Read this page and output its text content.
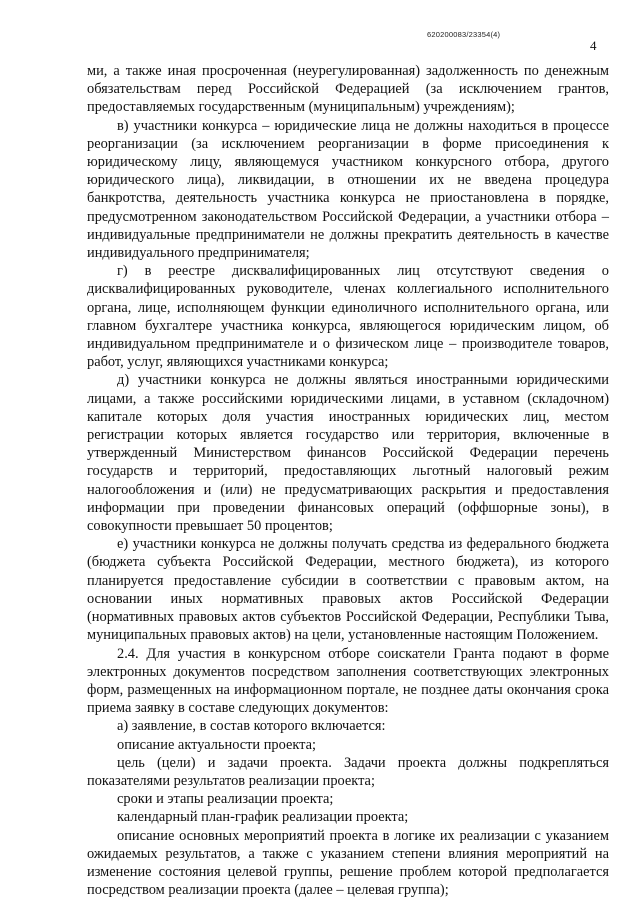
620200083/23354(4)
4

ми, а также иная просроченная (неурегулированная) задолженность по денежным обязательствам перед Российской Федерацией (за исключением грантов, предоставляемых государственным (муниципальным) учреждениям);

в) участники конкурса – юридические лица не должны находиться в процессе реорганизации (за исключением реорганизации в форме присоединения к юридическому лицу, являющемуся участником конкурсного отбора, другого юридического лица), ликвидации, в отношении их не введена процедура банкротства, деятельность участника конкурса не приостановлена в порядке, предусмотренном законодательством Российской Федерации, а участники отбора – индивидуальные предприниматели не должны прекратить деятельность в качестве индивидуального предпринимателя;

г) в реестре дисквалифицированных лиц отсутствуют сведения о дисквалифицированных руководителе, членах коллегиального исполнительного органа, лице, исполняющем функции единоличного исполнительного органа, или главном бухгалтере участника конкурса, являющегося юридическим лицом, об индивидуальном предпринимателе и о физическом лице – производителе товаров, работ, услуг, являющихся участниками конкурса;

д) участники конкурса не должны являться иностранными юридическими лицами, а также российскими юридическими лицами, в уставном (складочном) капитале которых доля участия иностранных юридических лиц, местом регистрации которых является государство или территория, включенные в утвержденный Министерством финансов Российской Федерации перечень государств и территорий, предоставляющих льготный налоговый режим налогообложения и (или) не предусматривающих раскрытия и предоставления информации при проведении финансовых операций (оффшорные зоны), в совокупности превышает 50 процентов;

е) участники конкурса не должны получать средства из федерального бюджета (бюджета субъекта Российской Федерации, местного бюджета), из которого планируется предоставление субсидии в соответствии с правовым актом, на основании иных нормативных правовых актов Российской Федерации (нормативных правовых актов субъектов Российской Федерации, Республики Тыва, муниципальных правовых актов) на цели, установленные настоящим Положением.

2.4. Для участия в конкурсном отборе соискатели Гранта подают в форме электронных документов посредством заполнения соответствующих электронных форм, размещенных на информационном портале, не позднее даты окончания срока приема заявку в составе следующих документов:

а) заявление, в состав которого включается:

описание актуальности проекта;

цель (цели) и задачи проекта. Задачи проекта должны подкрепляться показателями результатов реализации проекта;

сроки и этапы реализации проекта;

календарный план-график реализации проекта;

описание основных мероприятий проекта в логике их реализации с указанием ожидаемых результатов, а также с указанием степени влияния мероприятий на изменение состояния целевой группы, решение проблем которой предполагается посредством реализации проекта (далее – целевая группа);
